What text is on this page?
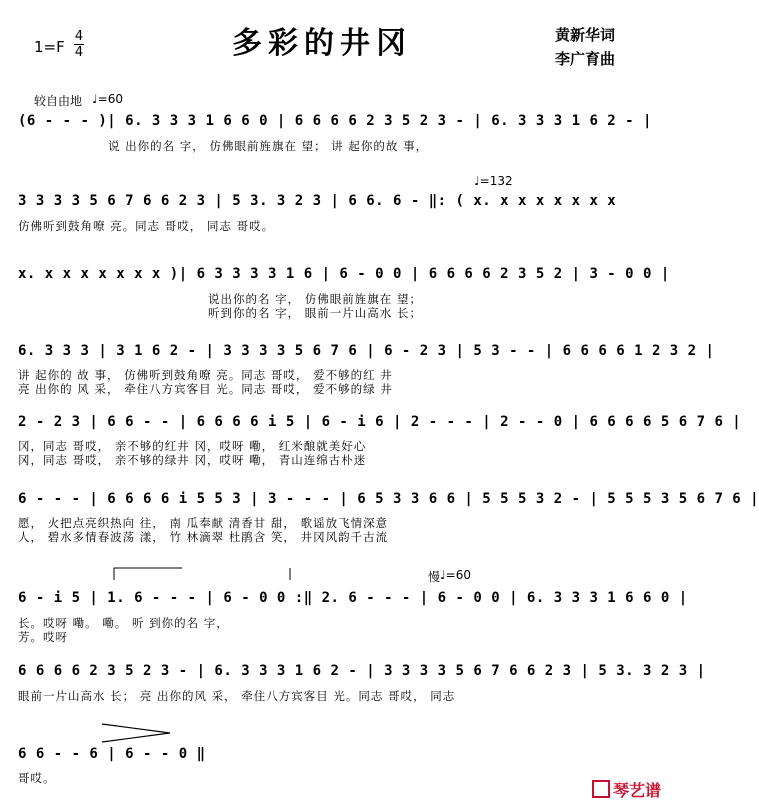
1=F
4
4	多彩的井冈	黄新华词
李广育曲
较自由地 ♩=60
♩=132
慢 ♩=60
(6 - - - )| 6. 3 3 3 1 6 6 0 | 6 6 6 6 2 3 5 2 3 - | 6. 3 3 3 1 6 2 - |
说 出你的名 字， 仿佛眼前旌旗在 望； 讲 起你的故 事，
3 3 3 3 5 6 7 6 6 2 3 | 5 3. 3 2 3 | 6 6. 6 - ‖: ( x. x x x x x x x
仿佛听到鼓角嘹 亮。同志 哥哎， 同志 哥哎。
x. x x x x x x x )| 6 3 3 3 3 1 6 | 6 - 0 0 | 6 6 6 6 2 3 5 2 | 3 - 0 0 |
说出你的名 字， 仿佛眼前旌旗在 望；
听到你的名 字， 眼前一片山高水 长；
6. 3 3 3 | 3 1 6 2 - | 3 3 3 3 5 6 7 6 | 6 - 2 3 | 5 3 - - | 6 6 6 6 1 2 3 2 |
讲 起你的 故 事， 仿佛听到鼓角嘹 亮。同志 哥哎， 爱不够的红 井
亮 出你的 风 采， 牵住八方宾客目 光。同志 哥哎， 爱不够的绿 井
2 - 2 3 | 6 6 - - | 6 6 6 6 i 5 | 6 - i 6 | 2 - - - | 2 - - 0 | 6 6 6 6 5 6 7 6 |
冈，同志 哥哎， 亲不够的红井 冈，哎呀 嘞， 红米酿就美好心
冈，同志 哥哎， 亲不够的绿井 冈，哎呀 嘞， 青山连绵古朴迷
6 - - - | 6 6 6 6 i 5 5 3 | 3 - - - | 6 5 3 3 6 6 | 5 5 5 3 2 - | 5 5 5 3 5 6 7 6 |
愿， 火把点亮织热向 往， 南 瓜奉献 清香甘 甜， 歌谣放飞情深意
人， 碧水多情春波荡 漾， 竹 林滴翠 杜鹃含 笑， 井冈风韵千古流
6 - i 5 | 1. 6 - - - | 6 - 0 0 :‖ 2. 6 - - - | 6 - 0 0 | 6. 3 3 3 1 6 6 0 |
长。哎呀 嘞。 嘞。 听 到你的名 字，
芳。哎呀
6 6 6 6 2 3 5 2 3 - | 6. 3 3 3 1 6 2 - | 3 3 3 3 5 6 7 6 6 2 3 | 5 3. 3 2 3 |
眼前一片山高水 长； 亮 出你的风 采， 牵住八方宾客目 光。同志 哥哎， 同志
6 6 - - 6 | 6 - - 0 ‖
哥哎。
琴艺谱
